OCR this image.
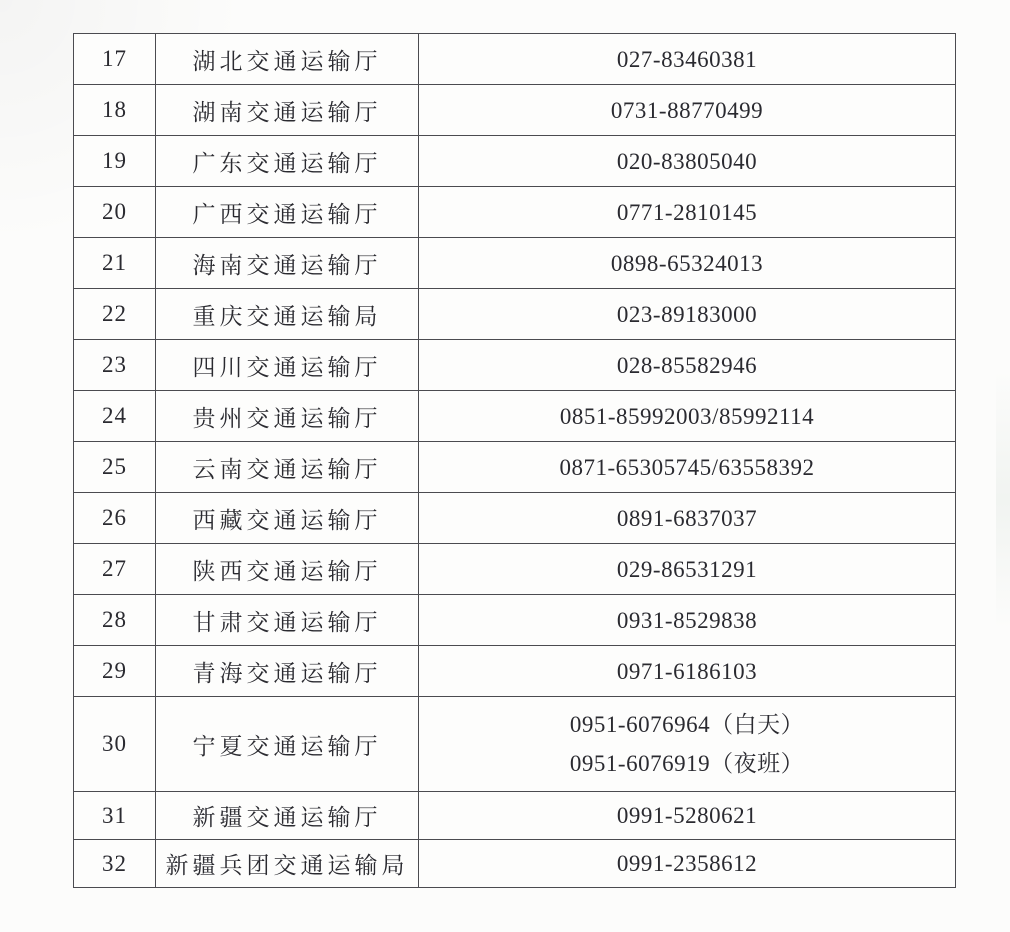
17	湖北交通运输厅	027-83460381

18	湖南交通运输厅	0731-88770499

19	广东交通运输厅	020-83805040

20	广西交通运输厅	0771-2810145

21	海南交通运输厅	0898-65324013

22	重庆交通运输局	023-89183000

23	四川交通运输厅	028-85582946

24	贵州交通运输厅	0851-85992003/85992114

25	云南交通运输厅	0871-65305745/63558392

26	西藏交通运输厅	0891-6837037

27	陕西交通运输厅	029-86531291

28	甘肃交通运输厅	0931-8529838

29	青海交通运输厅	0971-6186103

30	宁夏交通运输厅	0951-6076964（白天）
0951-6076919（夜班）

31	新疆交通运输厅	0991-5280621

32	新疆兵团交通运输局	0991-2358612
